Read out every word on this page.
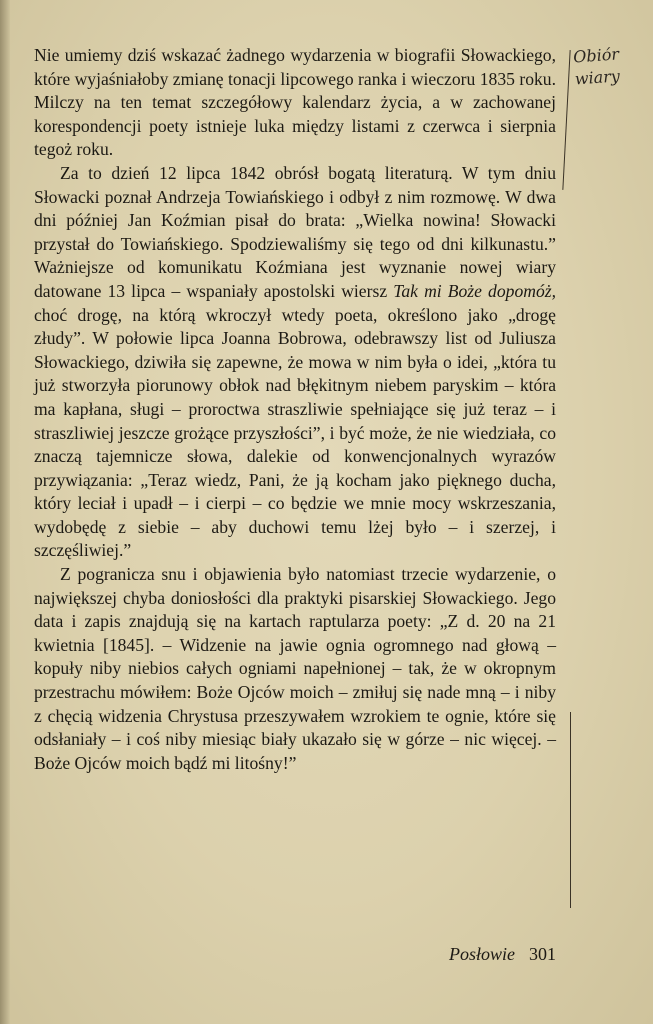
Nie umiemy dziś wskazać żadnego wydarzenia w biografii Słowackiego, które wyjaśniałoby zmianę tonacji lipcowego ranka i wieczoru 1835 roku. Milczy na ten temat szczegółowy kalendarz życia, a w zachowanej korespondencji poety istnieje luka między listami z czerwca i sierpnia tegoż roku.

Za to dzień 12 lipca 1842 obrósł bogatą literaturą. W tym dniu Słowacki poznał Andrzeja Towiańskiego i odbył z nim rozmowę. W dwa dni później Jan Koźmian pisał do brata: „Wielka nowina! Słowacki przystał do Towiańskiego. Spodziewaliśmy się tego od dni kilkunastu.” Ważniejsze od komunikatu Koźmiana jest wyznanie nowej wiary datowane 13 lipca – wspaniały apostolski wiersz Tak mi Boże dopomóż, choć drogę, na którą wkroczył wtedy poeta, określono jako „drogę złudy”. W połowie lipca Joanna Bobrowa, odebrawszy list od Juliusza Słowackiego, dziwiła się zapewne, że mowa w nim była o idei, „która tu już stworzyła piorunowy obłok nad błękitnym niebem paryskim – która ma kapłana, sługi – proroctwa straszliwie spełniające się już teraz – i straszliwiej jeszcze grożące przyszłości”, i być może, że nie wiedziała, co znaczą tajemnicze słowa, dalekie od konwencjonalnych wyrazów przywiązania: „Teraz wiedz, Pani, że ją kocham jako pięknego ducha, który leciał i upadł – i cierpi – co będzie we mnie mocy wskrzeszania, wydobędę z siebie – aby duchowi temu lżej było – i szerzej, i szczęśliwiej.”

Z pogranicza snu i objawienia było natomiast trzecie wydarzenie, o największej chyba doniosłości dla praktyki pisarskiej Słowackiego. Jego data i zapis znajdują się na kartach raptularza poety: „Z d. 20 na 21 kwietnia [1845]. – Widzenie na jawie ognia ogromnego nad głową – kopuły niby niebios całych ogniami napełnionej – tak, że w okropnym przestrachu mówiłem: Boże Ojców moich – zmiłuj się nade mną – i niby z chęcią widzenia Chrystusa przeszywałem wzrokiem te ognie, które się odsłaniały – i coś niby miesiąc biały ukazało się w górze – nic więcej. – Boże Ojców moich bądź mi litośny!”

Obiór
wiary
Posłowie 301
